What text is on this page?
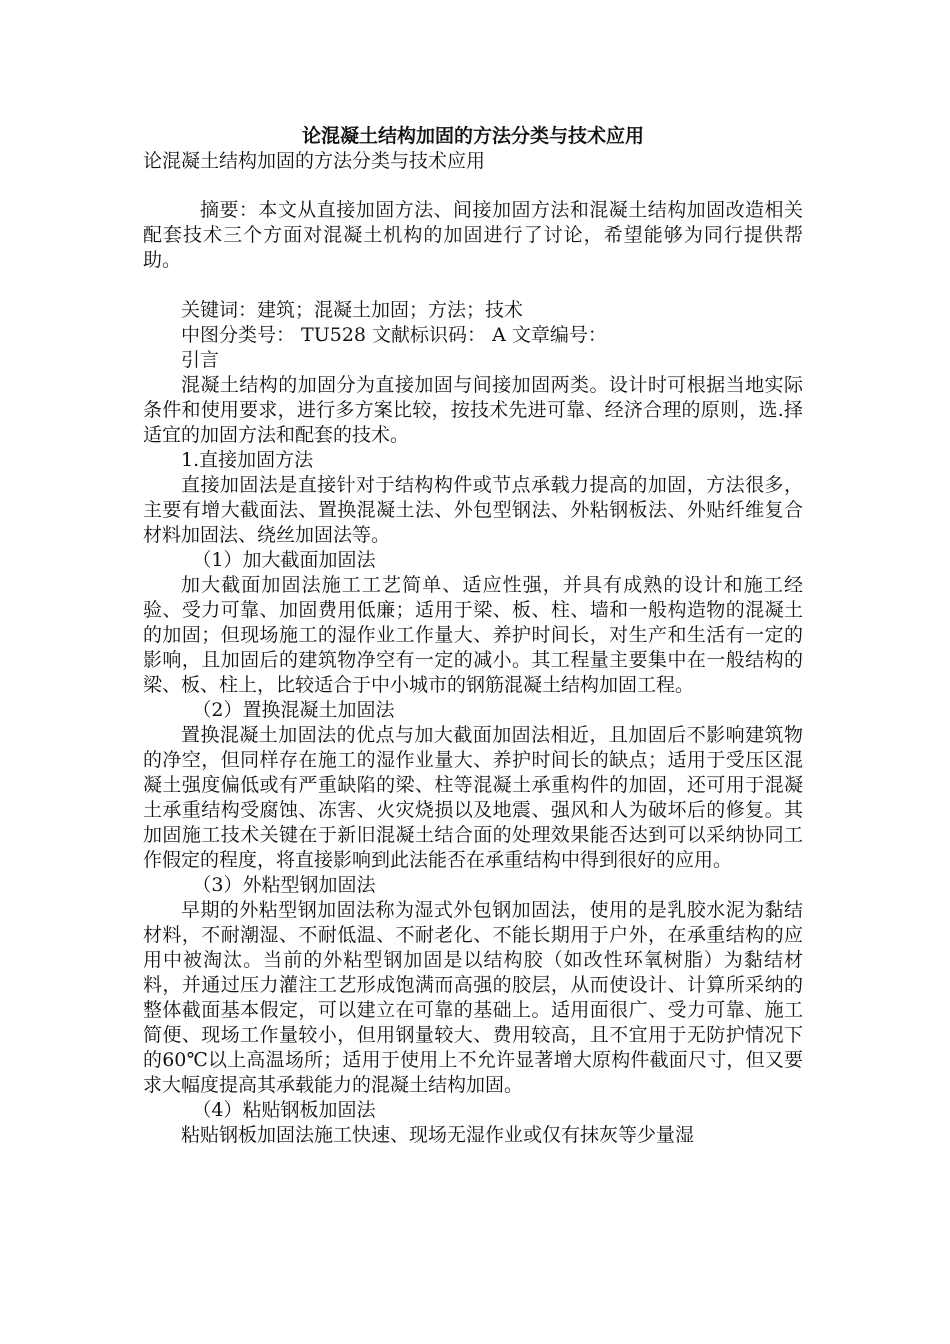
论混凝土结构加固的方法分类与技术应用
论混凝土结构加固的方法分类与技术应用
摘要：本文从直接加固方法、间接加固方法和混凝土结构加固改造相关配套技术三个方面对混凝土机构的加固进行了讨论，希望能够为同行提供帮助。
关键词：建筑；混凝土加固；方法；技术
中图分类号： TU528 文献标识码： A 文章编号：
引言
混凝土结构的加固分为直接加固与间接加固两类。设计时可根据当地实际条件和使用要求，进行多方案比较，按技术先进可靠、经济合理的原则，选.择适宜的加固方法和配套的技术。
1.直接加固方法
直接加固法是直接针对于结构构件或节点承载力提高的加固，方法很多，主要有增大截面法、置换混凝土法、外包型钢法、外粘钢板法、外贴纤维复合材料加固法、绕丝加固法等。
（1）加大截面加固法
加大截面加固法施工工艺简单、适应性强，并具有成熟的设计和施工经验、受力可靠、加固费用低廉；适用于梁、板、柱、墙和一般构造物的混凝土的加固；但现场施工的湿作业工作量大、养护时间长，对生产和生活有一定的影响，且加固后的建筑物净空有一定的减小。其工程量主要集中在一般结构的梁、板、柱上，比较适合于中小城市的钢筋混凝土结构加固工程。
（2）置换混凝土加固法
置换混凝土加固法的优点与加大截面加固法相近，且加固后不影响建筑物的净空，但同样存在施工的湿作业量大、养护时间长的缺点；适用于受压区混凝土强度偏低或有严重缺陷的梁、柱等混凝土承重构件的加固，还可用于混凝土承重结构受腐蚀、冻害、火灾烧损以及地震、强风和人为破坏后的修复。其加固施工技术关键在于新旧混凝土结合面的处理效果能否达到可以采纳协同工作假定的程度，将直接影响到此法能否在承重结构中得到很好的应用。
（3）外粘型钢加固法
早期的外粘型钢加固法称为湿式外包钢加固法，使用的是乳胶水泥为黏结材料，不耐潮湿、不耐低温、不耐老化、不能长期用于户外，在承重结构的应用中被淘汰。当前的外粘型钢加固是以结构胶（如改性环氧树脂）为黏结材料，并通过压力灌注工艺形成饱满而高强的胶层，从而使设计、计算所采纳的整体截面基本假定，可以建立在可靠的基础上。适用面很广、受力可靠、施工简便、现场工作量较小，但用钢量较大、费用较高，且不宜用于无防护情况下的60℃以上高温场所；适用于使用上不允许显著增大原构件截面尺寸，但又要求大幅度提高其承载能力的混凝土结构加固。
（4）粘贴钢板加固法
粘贴钢板加固法施工快速、现场无湿作业或仅有抹灰等少量湿
